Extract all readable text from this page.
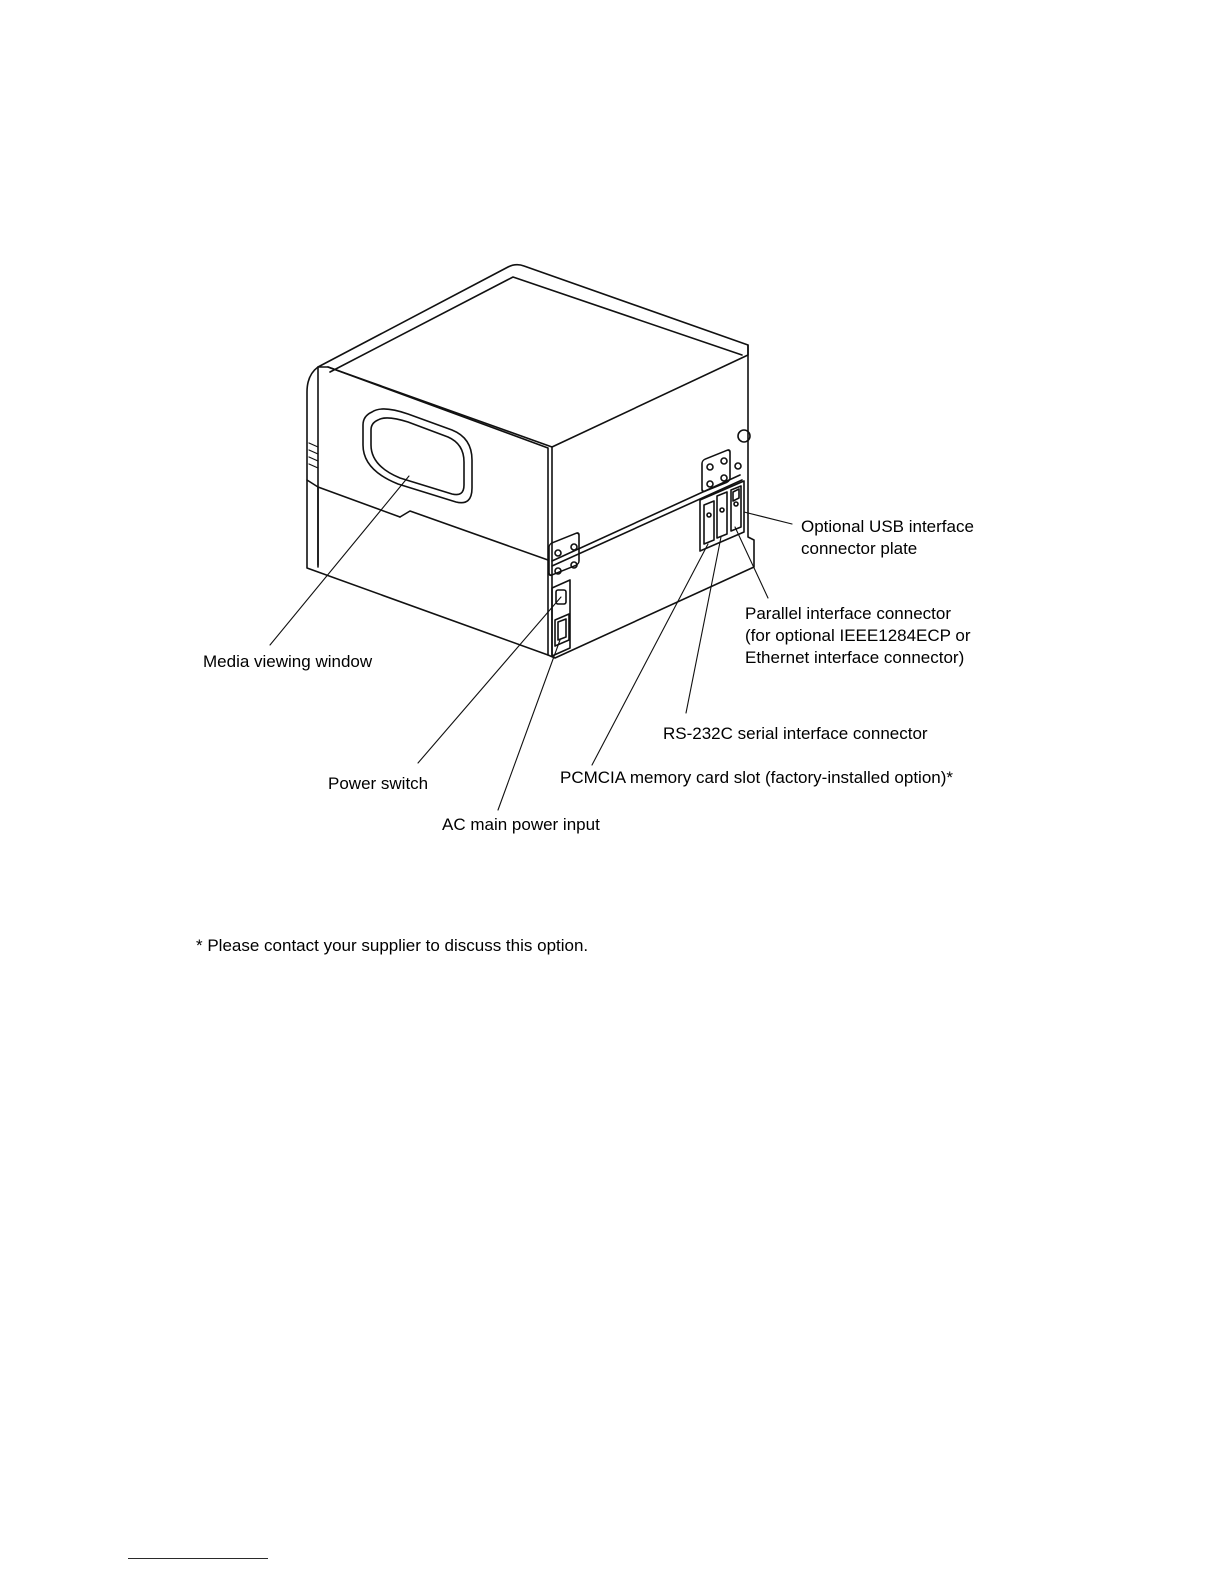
Media viewing window
Optional USB interface
connector plate
Parallel interface connector
(for optional IEEE1284ECP or
Ethernet interface connector)
RS-232C serial interface connector
PCMCIA memory card slot (factory-installed option)*
Power switch
AC main power input
* Please contact your supplier to discuss this option.
